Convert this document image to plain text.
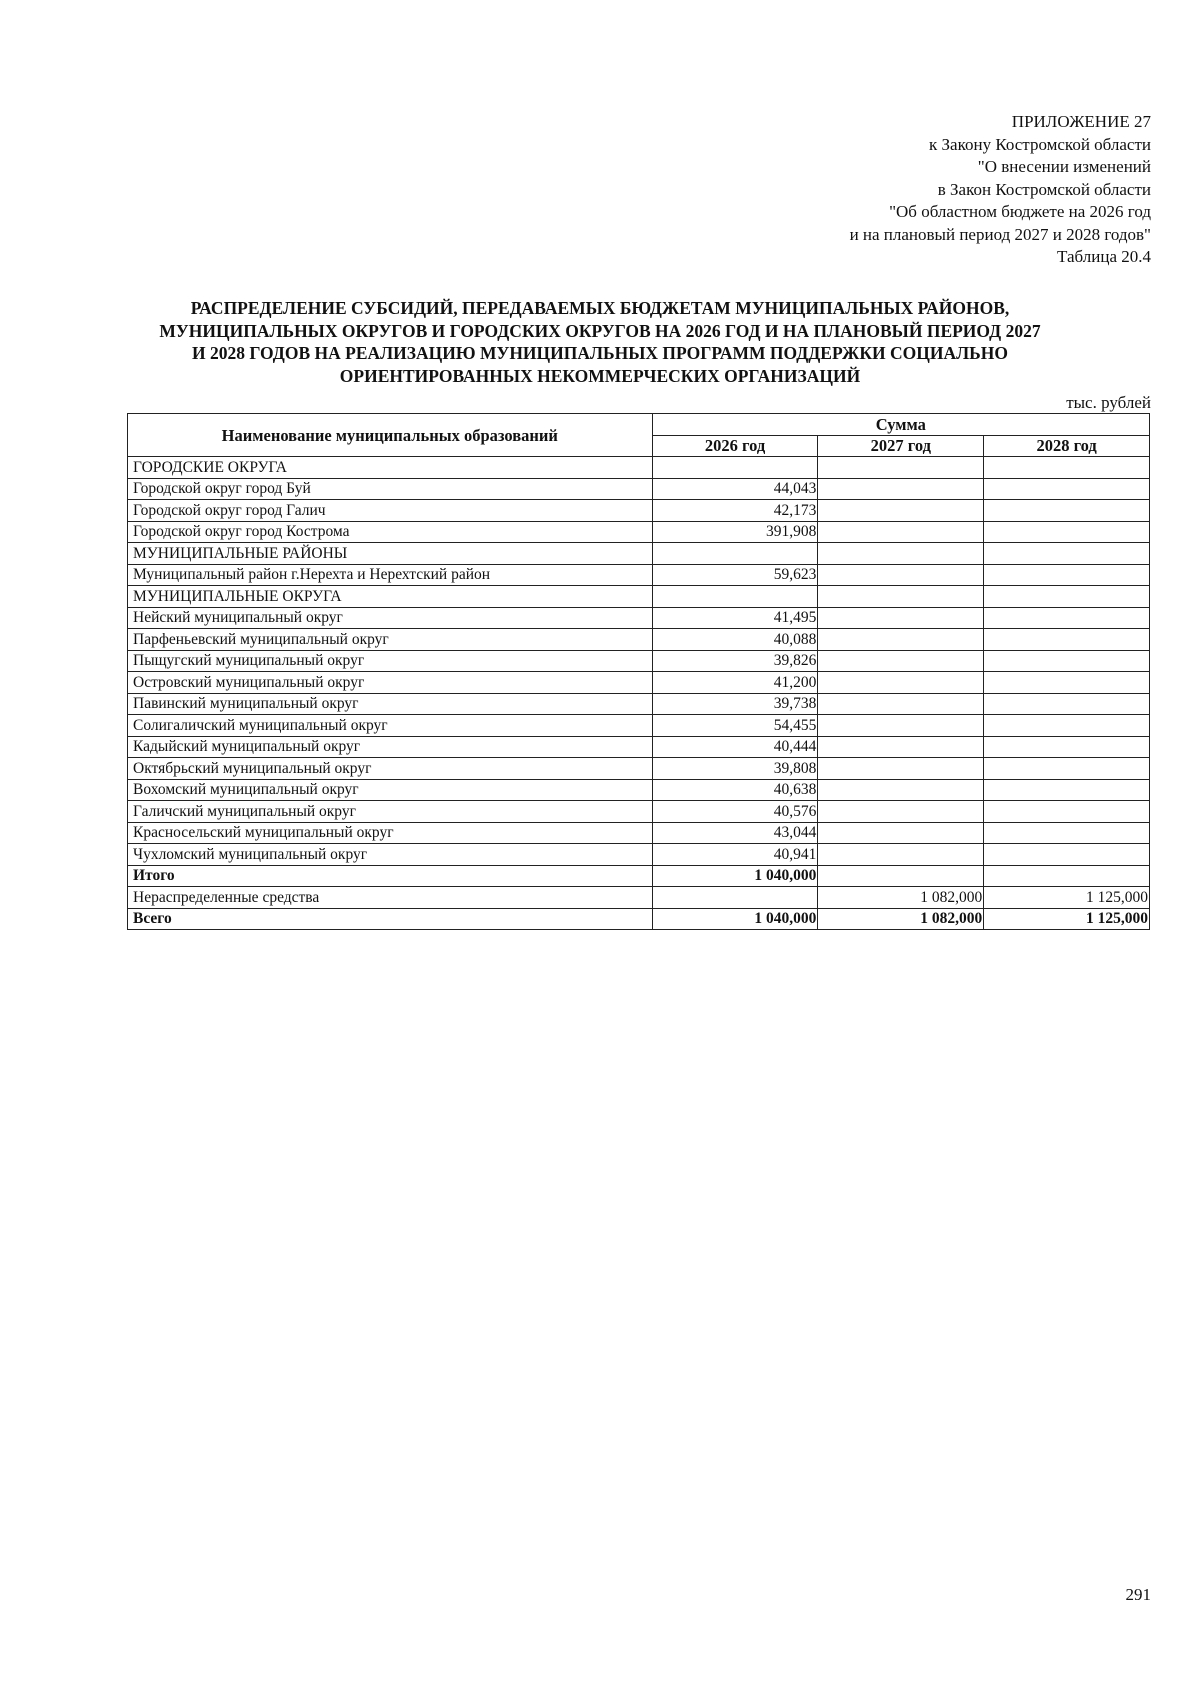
ПРИЛОЖЕНИЕ 27
к Закону Костромской области
"О внесении изменений
в Закон Костромской области
"Об областном бюджете на 2026 год
и на плановый период 2027 и 2028 годов"
Таблица 20.4
РАСПРЕДЕЛЕНИЕ СУБСИДИЙ, ПЕРЕДАВАЕМЫХ БЮДЖЕТАМ МУНИЦИПАЛЬНЫХ РАЙОНОВ,
МУНИЦИПАЛЬНЫХ ОКРУГОВ И ГОРОДСКИХ ОКРУГОВ НА 2026 ГОД И НА ПЛАНОВЫЙ ПЕРИОД 2027
И 2028 ГОДОВ НА РЕАЛИЗАЦИЮ МУНИЦИПАЛЬНЫХ ПРОГРАММ ПОДДЕРЖКИ СОЦИАЛЬНО
ОРИЕНТИРОВАННЫХ НЕКОММЕРЧЕСКИХ ОРГАНИЗАЦИЙ
тыс. рублей
Наименование муниципальных образований	Сумма		
	2026 год	2027 год	2028 год
ГОРОДСКИЕ ОКРУГА			
Городской округ город Буй	44,043		
Городской округ город Галич	42,173		
Городской округ город Кострома	391,908		
МУНИЦИПАЛЬНЫЕ РАЙОНЫ			
Муниципальный район г.Нерехта и Нерехтский район	59,623		
МУНИЦИПАЛЬНЫЕ ОКРУГА			
Нейский муниципальный округ	41,495		
Парфеньевский муниципальный округ	40,088		
Пыщугский муниципальный округ	39,826		
Островский муниципальный округ	41,200		
Павинский муниципальный округ	39,738		
Солигаличский муниципальный округ	54,455		
Кадыйский муниципальный округ	40,444		
Октябрьский муниципальный округ	39,808		
Вохомский муниципальный округ	40,638		
Галичский муниципальный округ	40,576		
Красносельский муниципальный округ	43,044		
Чухломский муниципальный округ	40,941		
Итого	1 040,000		
Нераспределенные средства		1 082,000	1 125,000
Всего	1 040,000	1 082,000	1 125,000
291
